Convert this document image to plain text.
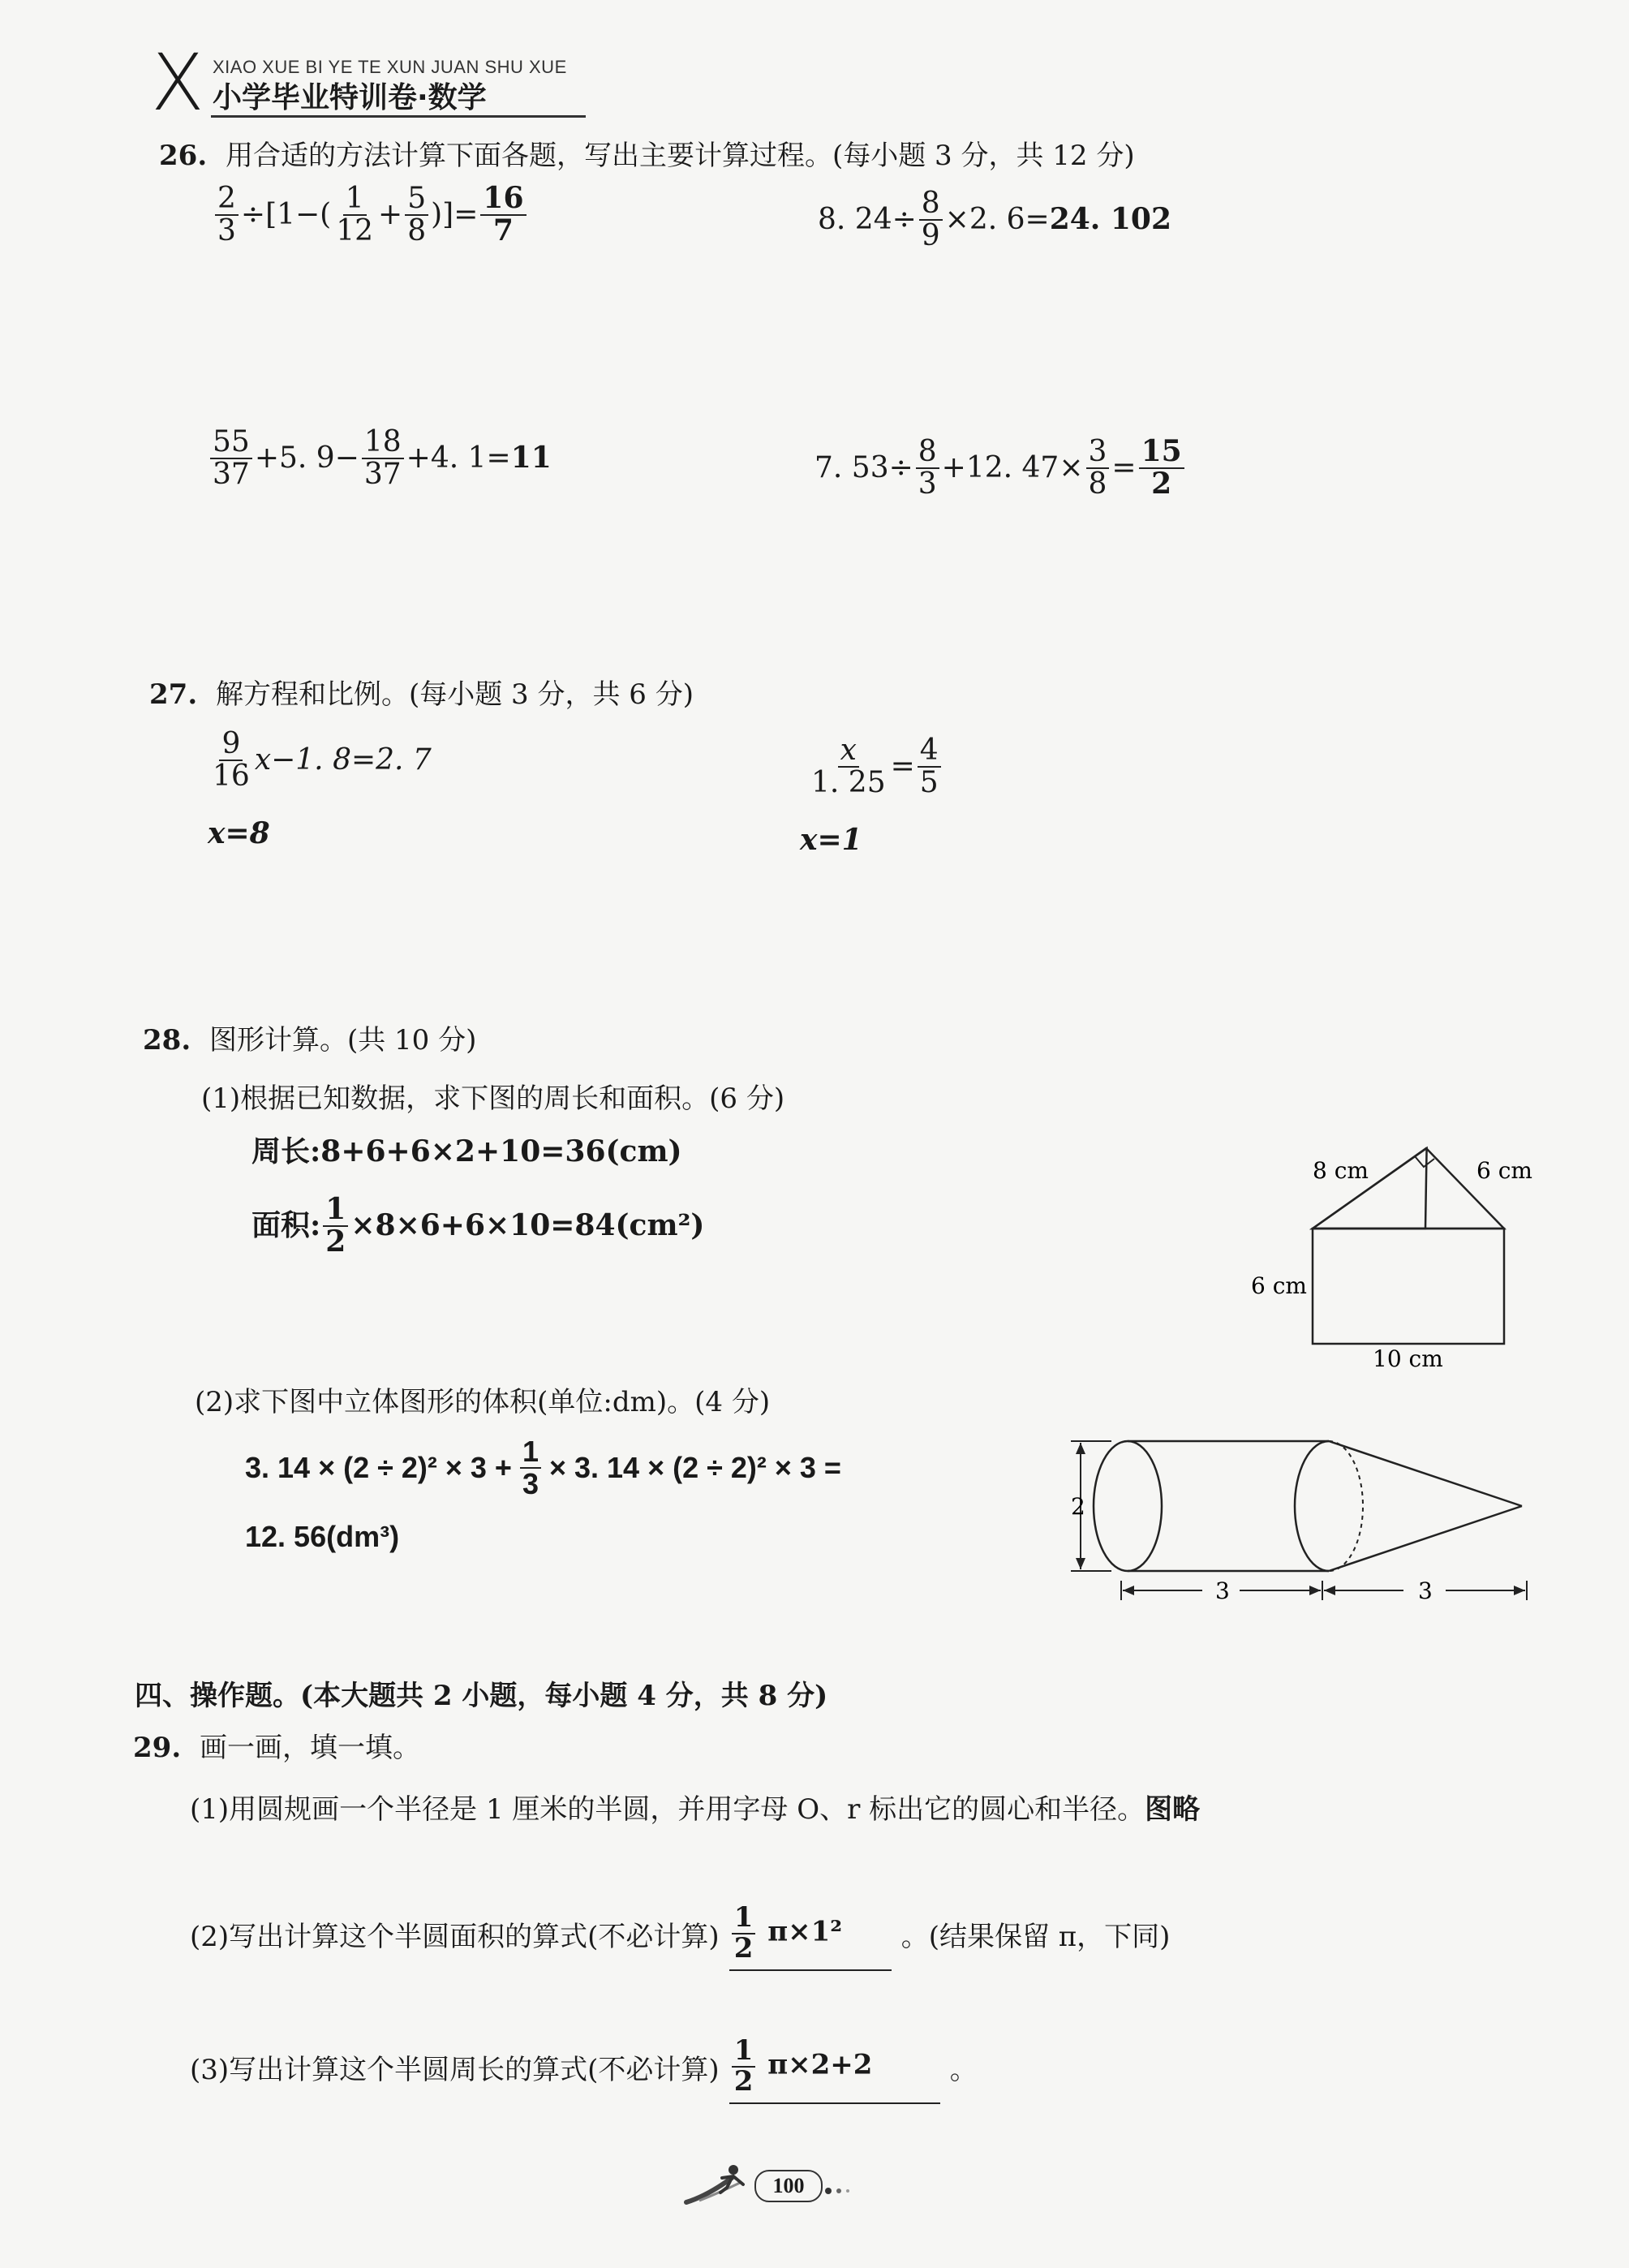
X XIAO XUE BI YE TE XUN JUAN SHU XUE
小学毕业特训卷·数学
26. 用合适的方法计算下面各题，写出主要计算过程。(每小题 3 分，共 12 分)
$\frac{2}{3} \div[1-( \frac{1}{12} + \frac{5}{8}$ )]= $\frac{16}{7}$	8. $24\div \frac{8}{9} \times 2$. 6= 24. 102
$\frac{55}{37} +5$. $9- \frac{18}{37} +4$. 1= 11	7. $53\div \frac{8}{3} +12$. $47\times \frac{3}{8} = \frac{15}{2}$
27. 解方程和比例。(每小题 3 分，共 6 分)
$\frac{9}{16} x-1$. 8=2. 7
x=8
$\frac{x}{1. 25} = \frac{4}{5}$
x=1
28. 图形计算。(共 10 分)
(1)根据已知数据，求下图的周长和面积。(6 分)
周长:8+6+6×2+10=36(cm)
面积: $\frac{1}{2} \times 8\times 6+6\times 10=84(cm^2)$
8 cm	6 cm
6 cm
10 cm
(2)求下图中立体图形的体积(单位:dm)。(4 分)
3. $14 \times (2 \div 2)^2 \times 3 + \frac{1}{3} \times 3$. 14 × (2 ÷ 2)² × 3 =
12. 56(dm³)
2
3	3
四、操作题。(本大题共 2 小题，每小题 4 分，共 8 分)
29. 画一画，填一填。
(1)用圆规画一个半径是 1 厘米的半圆，并用字母 O、r 标出它的圆心和半径。图略
(2)写出计算这个半圆面积的算式(不必计算) $\frac{1}{2} \pi\times 1^2$	。(结果保留 π，下同)
(3)写出计算这个半圆周长的算式(不必计算) $\frac{1}{2} \pi\times 2+2$	。
100
